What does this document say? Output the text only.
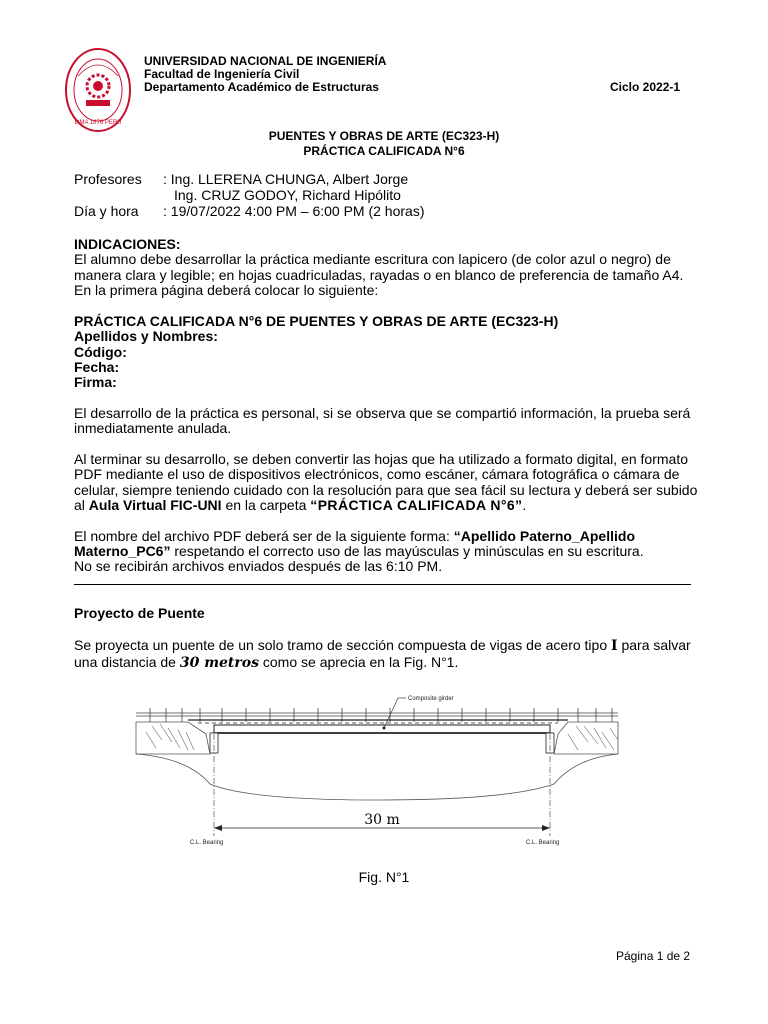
LIMA 1876 PERU
UNIVERSIDAD NACIONAL DE INGENIERÍA
Facultad de Ingeniería Civil
Departamento Académico de Estructuras	Ciclo 2022-1
PUENTES Y OBRAS DE ARTE (EC323-H)
PRÁCTICA CALIFICADA N°6
Profesores : Ing. LLERENA CHUNGA, Albert Jorge
Ing. CRUZ GODOY, Richard Hipólito
Día y hora : 19/07/2022 4:00 PM – 6:00 PM (2 horas)
INDICACIONES:
El alumno debe desarrollar la práctica mediante escritura con lapicero (de color azul o negro) de
manera clara y legible; en hojas cuadriculadas, rayadas o en blanco de preferencia de tamaño A4.
En la primera página deberá colocar lo siguiente:
PRÁCTICA CALIFICADA N°6 DE PUENTES Y OBRAS DE ARTE (EC323-H)
Apellidos y Nombres:
Código:
Fecha:
Firma:
El desarrollo de la práctica es personal, si se observa que se compartió información, la prueba será
inmediatamente anulada.
Al terminar su desarrollo, se deben convertir las hojas que ha utilizado a formato digital, en formato
PDF mediante el uso de dispositivos electrónicos, como escáner, cámara fotográfica o cámara de
celular, siempre teniendo cuidado con la resolución para que sea fácil su lectura y deberá ser subido
al Aula Virtual FIC-UNI en la carpeta “PRÁCTICA CALIFICADA N°6”.
El nombre del archivo PDF deberá ser de la siguiente forma: “Apellido Paterno_Apellido
Materno_PC6” respetando el correcto uso de las mayúsculas y minúsculas en su escritura.
No se recibirán archivos enviados después de las 6:10 PM.
Proyecto de Puente
Se proyecta un puente de un solo tramo de sección compuesta de vigas de acero tipo I para salvar
una distancia de 30 metros como se aprecia en la Fig. N°1.
Composite girder
30 m
C.L. Bearing	C.L. Bearing
Fig. N°1
Página 1 de 2
